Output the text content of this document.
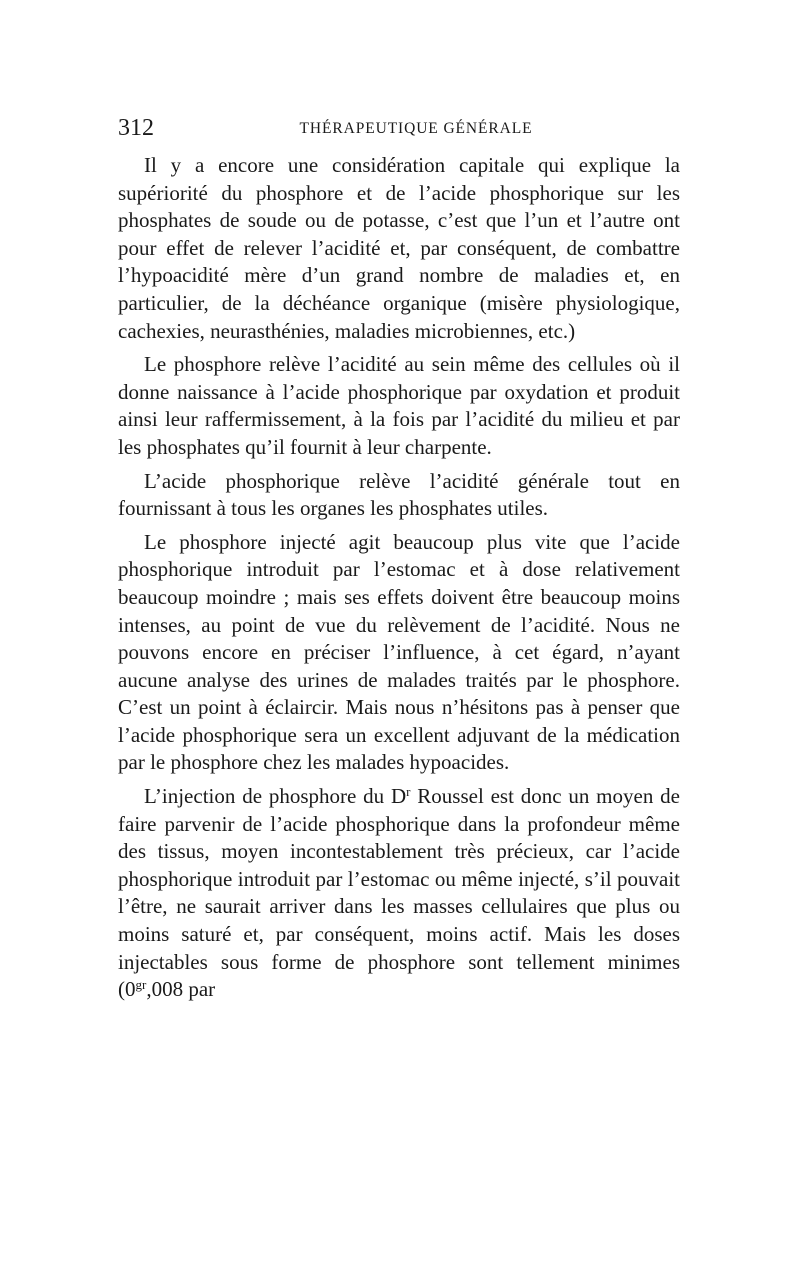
312	THÉRAPEUTIQUE GÉNÉRALE

Il y a encore une considération capitale qui explique la supériorité du phosphore et de l’acide phosphorique sur les phosphates de soude ou de potasse, c’est que l’un et l’autre ont pour effet de relever l’acidité et, par conséquent, de combattre l’hypoacidité mère d’un grand nombre de maladies et, en particulier, de la déchéance organique (misère physiologique, cachexies, neurasthénies, maladies microbiennes, etc.)

Le phosphore relève l’acidité au sein même des cellules où il donne naissance à l’acide phosphorique par oxydation et produit ainsi leur raffermissement, à la fois par l’acidité du milieu et par les phosphates qu’il fournit à leur charpente.

L’acide phosphorique relève l’acidité générale tout en fournissant à tous les organes les phosphates utiles.

Le phosphore injecté agit beaucoup plus vite que l’acide phosphorique introduit par l’estomac et à dose relativement beaucoup moindre ; mais ses effets doivent être beaucoup moins intenses, au point de vue du relèvement de l’acidité. Nous ne pouvons encore en préciser l’influence, à cet égard, n’ayant aucune analyse des urines de malades traités par le phosphore. C’est un point à éclaircir. Mais nous n’hésitons pas à penser que l’acide phosphorique sera un excellent adjuvant de la médication par le phosphore chez les malades hypoacides.

L’injection de phosphore du $D^r$ Roussel est donc un moyen de faire parvenir de l’acide phosphorique dans la profondeur même des tissus, moyen incontestablement très précieux, car l’acide phosphorique introduit par l’estomac ou même injecté, s’il pouvait l’être, ne saurait arriver dans les masses cellulaires que plus ou moins saturé et, par conséquent, moins actif. Mais les doses injectables sous forme de phosphore sont tellement minimes ($0^{gr},008$ par
